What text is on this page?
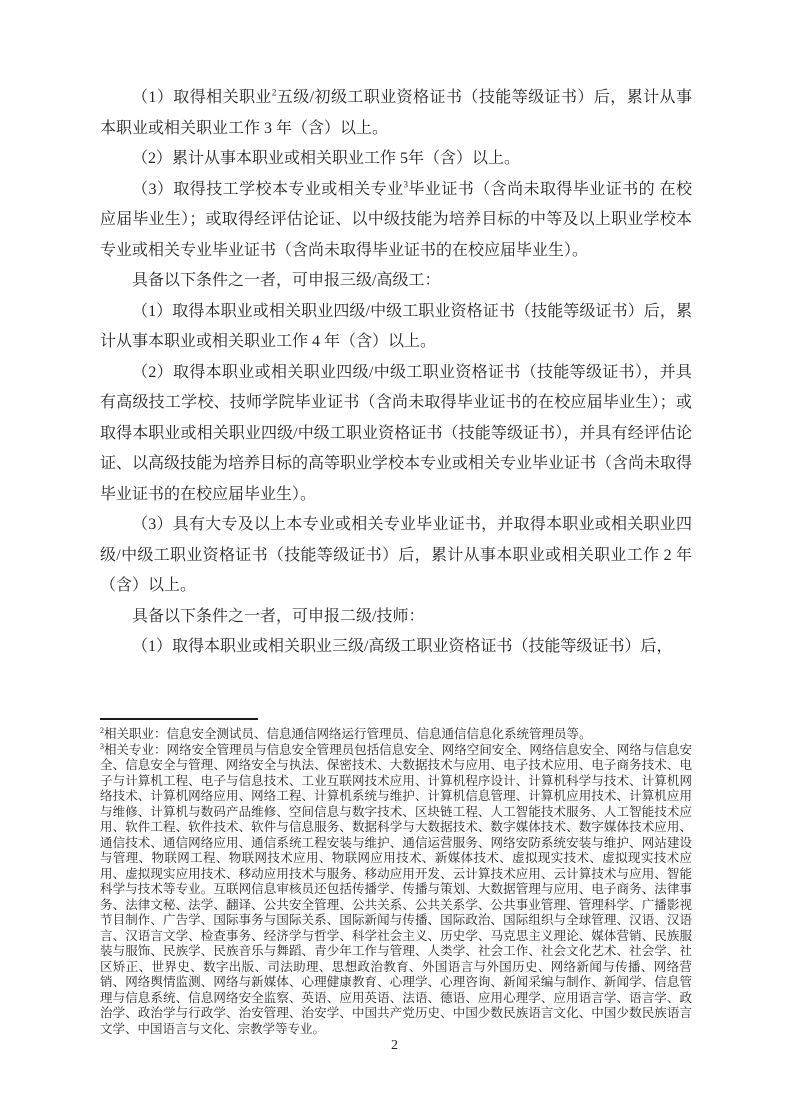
（1）取得相关职业$^2$五级/初级工职业资格证书（技能等级证书）后，累计从事本职业或相关职业工作 3 年（含）以上。

（2）累计从事本职业或相关职业工作 5年（含）以上。

（3）取得技工学校本专业或相关专业$^3$毕业证书（含尚未取得毕业证书的 在校应届毕业生）；或取得经评估论证、以中级技能为培养目标的中等及以上职业学校本专业或相关专业毕业证书（含尚未取得毕业证书的在校应届毕业生）。

具备以下条件之一者，可申报三级/高级工：

（1）取得本职业或相关职业四级/中级工职业资格证书（技能等级证书）后，累计从事本职业或相关职业工作 4 年（含）以上。

（2）取得本职业或相关职业四级/中级工职业资格证书（技能等级证书），并具有高级技工学校、技师学院毕业证书（含尚未取得毕业证书的在校应届毕业生）；或取得本职业或相关职业四级/中级工职业资格证书（技能等级证书），并具有经评估论证、以高级技能为培养目标的高等职业学校本专业或相关专业毕业证书（含尚未取得毕业证书的在校应届毕业生）。

（3）具有大专及以上本专业或相关专业毕业证书，并取得本职业或相关职业四级/中级工职业资格证书（技能等级证书）后，累计从事本职业或相关职业工作 2 年（含）以上。

具备以下条件之一者，可申报二级/技师：

（1）取得本职业或相关职业三级/高级工职业资格证书（技能等级证书）后，

$^2$相关职业：信息安全测试员、信息通信网络运行管理员、信息通信信息化系统管理员等。

$^3$相关专业：网络安全管理员与信息安全管理员包括信息安全、网络空间安全、网络信息安全、网络与信息安全、信息安全与管理、网络安全与执法、保密技术、大数据技术与应用、电子技术应用、电子商务技术、电子与计算机工程、电子与信息技术、工业互联网技术应用、计算机程序设计、计算机科学与技术、计算机网络技术、计算机网络应用、网络工程、计算机系统与维护、计算机信息管理、计算机应用技术、计算机应用与维修、计算机与数码产品维修、空间信息与数字技术、区块链工程、人工智能技术服务、人工智能技术应用、软件工程、软件技术、软件与信息服务、数据科学与大数据技术、数字媒体技术、数字媒体技术应用、通信技术、通信网络应用、通信系统工程安装与维护、通信运营服务、网络安防系统安装与维护、网站建设与管理、物联网工程、物联网技术应用、物联网应用技术、新媒体技术、虚拟现实技术、虚拟现实技术应用、虚拟现实应用技术、移动应用技术与服务、移动应用开发、云计算技术应用、云计算技术与应用、智能科学与技术等专业。互联网信息审核员还包括传播学、传播与策划、大数据管理与应用、电子商务、法律事务、法律文秘、法学、翻译、公共安全管理、公共关系、公共关系学、公共事业管理、管理科学、广播影视节目制作、广告学、国际事务与国际关系、国际新闻与传播、国际政治、国际组织与全球管理、汉语、汉语言、汉语言文学、检查事务、经济学与哲学、科学社会主义、历史学、马克思主义理论、媒体营销、民族服装与服饰、民族学、民族音乐与舞蹈、青少年工作与管理、人类学、社会工作、社会文化艺术、社会学、社区矫正、世界史、数字出版、司法助理、思想政治教育、外国语言与外国历史、网络新闻与传播、网络营销、网络舆情监测、网络与新媒体、心理健康教育、心理学、心理咨询、新闻采编与制作、新闻学、信息管理与信息系统、信息网络安全监察、英语、应用英语、法语、德语、应用心理学、应用语言学、语言学、政治学、政治学与行政学、治安管理、治安学、中国共产党历史、中国少数民族语言文化、中国少数民族语言文学、中国语言与文化、宗教学等专业。

2
